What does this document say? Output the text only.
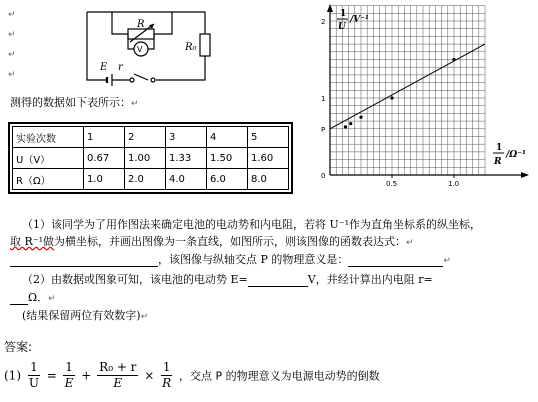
R
V	R₀
E r
↵
↵
↵
↵
测得的数据如下表所示：↵
实验次数	1	2	3	4	5
U（V）	0.67	1.00	1.33	1.50	1.60
R（Ω）	1.0	2.0	4.0	6.0	8.0	0
0.5	1.0
1
2
P
1
U
/V⁻¹
1
R
/Ω⁻¹
（1）该同学为了用作图法来确定电池的电动势和内电阻，若将 U⁻¹作为直角坐标系的纵坐标，
取 R⁻¹做为横坐标，并画出图像为一条直线，如图所示，则该图像的函数表达式：↵
，该图像与纵轴交点 P 的物理意义是：	↵
（2）由数据或图象可知，该电池的电动势 E=	V，并经计算出内电阻 r=
Ω．↵
(结果保留两位有效数字)↵
答案:
$(1) \frac{1}{U} = \frac{1}{E} + \frac{\text{R₀ + r}}{E} \times \frac{1}{R}$ ，交点 P 的物理意义为电源电动势的倒数
